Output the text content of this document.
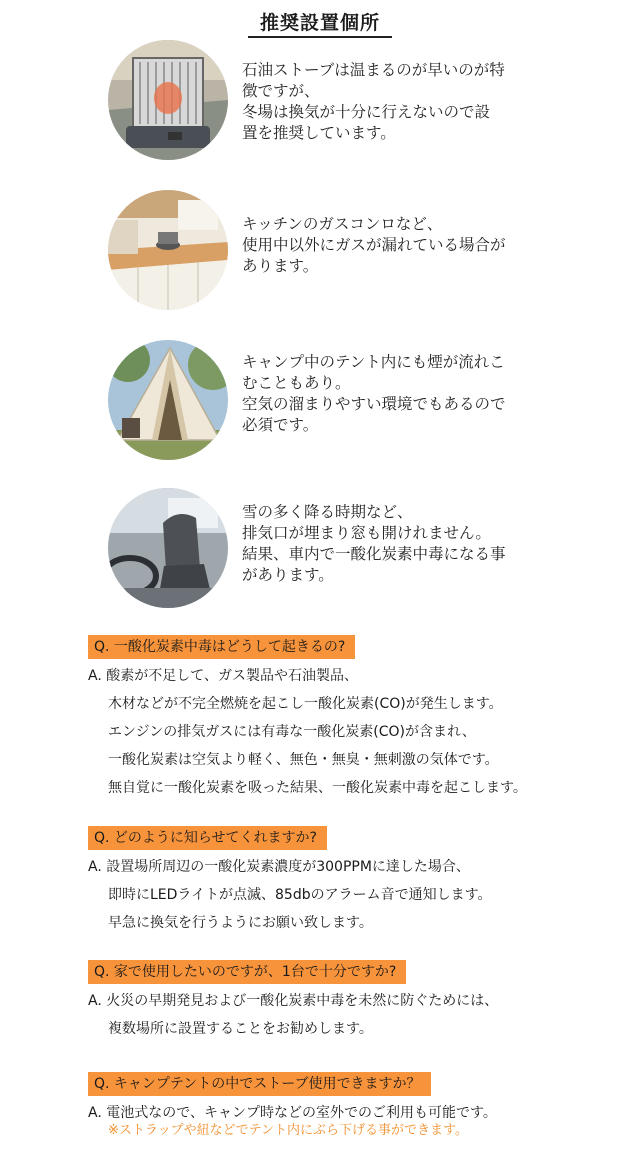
推奨設置個所
石油ストーブは温まるのが早いのが特
徴ですが、
冬場は換気が十分に行えないので設
置を推奨しています。
キッチンのガスコンロなど、
使用中以外にガスが漏れている場合が
あります。
キャンプ中のテント内にも煙が流れこ
むこともあり。
空気の溜まりやすい環境でもあるので
必須です。
雪の多く降る時期など、
排気口が埋まり窓も開けれません。
結果、車内で一酸化炭素中毒になる事
があります。
Q. 一酸化炭素中毒はどうして起きるの?
A. 酸素が不足して、ガス製品や石油製品、
木材などが不完全燃焼を起こし一酸化炭素(CO)が発生します。
エンジンの排気ガスには有毒な一酸化炭素(CO)が含まれ、
一酸化炭素は空気より軽く、無色・無臭・無刺激の気体です。
無自覚に一酸化炭素を吸った結果、一酸化炭素中毒を起こします。
Q. どのように知らせてくれますか?
A. 設置場所周辺の一酸化炭素濃度が300PPMに達した場合、
即時にLEDライトが点滅、85dbのアラーム音で通知します。
早急に換気を行うようにお願い致します。
Q. 家で使用したいのですが、1台で十分ですか?
A. 火災の早期発見および一酸化炭素中毒を未然に防ぐためには、
複数場所に設置することをお勧めします。
Q. キャンプテントの中でストーブ使用できますか？
A. 電池式なので、キャンプ時などの室外でのご利用も可能です。
※ストラップや紐などでテント内にぶら下げる事ができます。
